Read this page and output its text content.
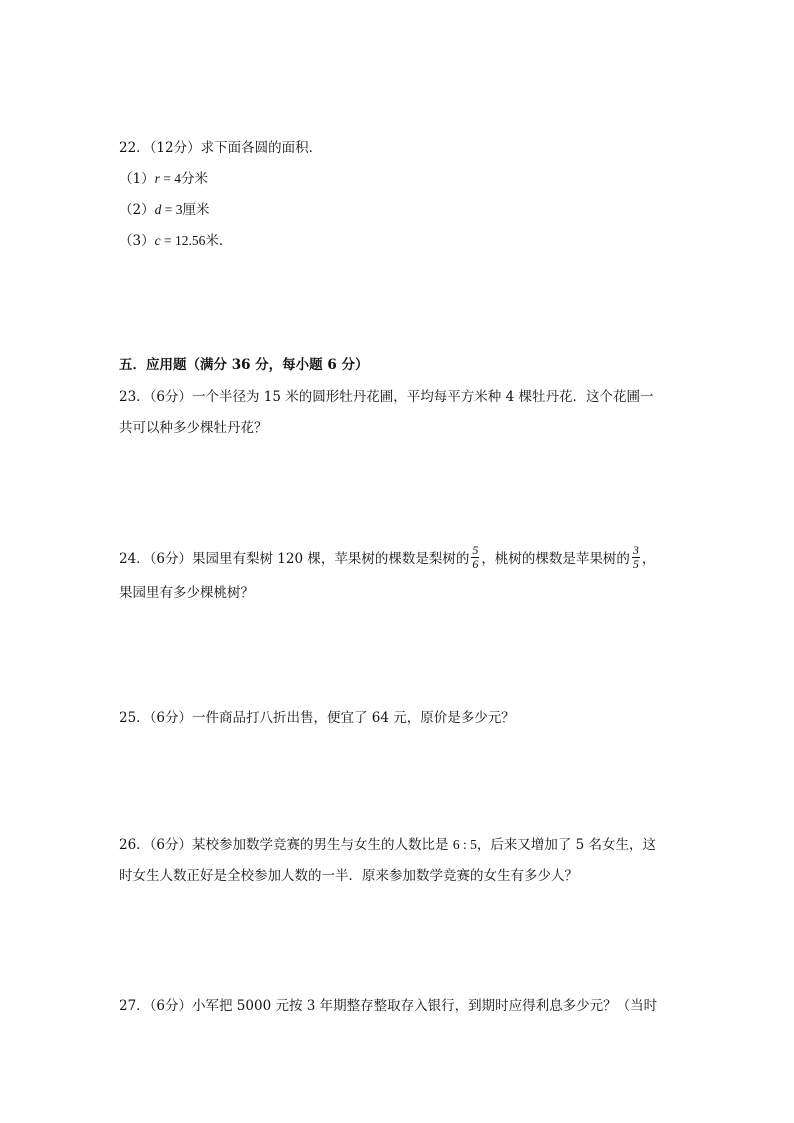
22．（12分）求下面各圆的面积．
（1）r = 4分米
（2）d = 3厘米
（3）c = 12.56米．
五．应用题（满分 36 分，每小题 6 分）
23．（6分）一个半径为 15 米的圆形牡丹花圃，平均每平方米种 4 棵牡丹花．这个花圃一
共可以种多少棵牡丹花？
24．（6分）果园里有梨树 120 棵，苹果树的棵数是梨树的 $\frac{5}{6}$ ，桃树的棵数是苹果树的 $\frac{3}{5}$ ，
果园里有多少棵桃树？
25．（6分）一件商品打八折出售，便宜了 64 元，原价是多少元？
26．（6分）某校参加数学竞赛的男生与女生的人数比是 6 : 5，后来又增加了 5 名女生，这
时女生人数正好是全校参加人数的一半．原来参加数学竞赛的女生有多少人？
27．（6分）小军把 5000 元按 3 年期整存整取存入银行，到期时应得利息多少元？（当时
